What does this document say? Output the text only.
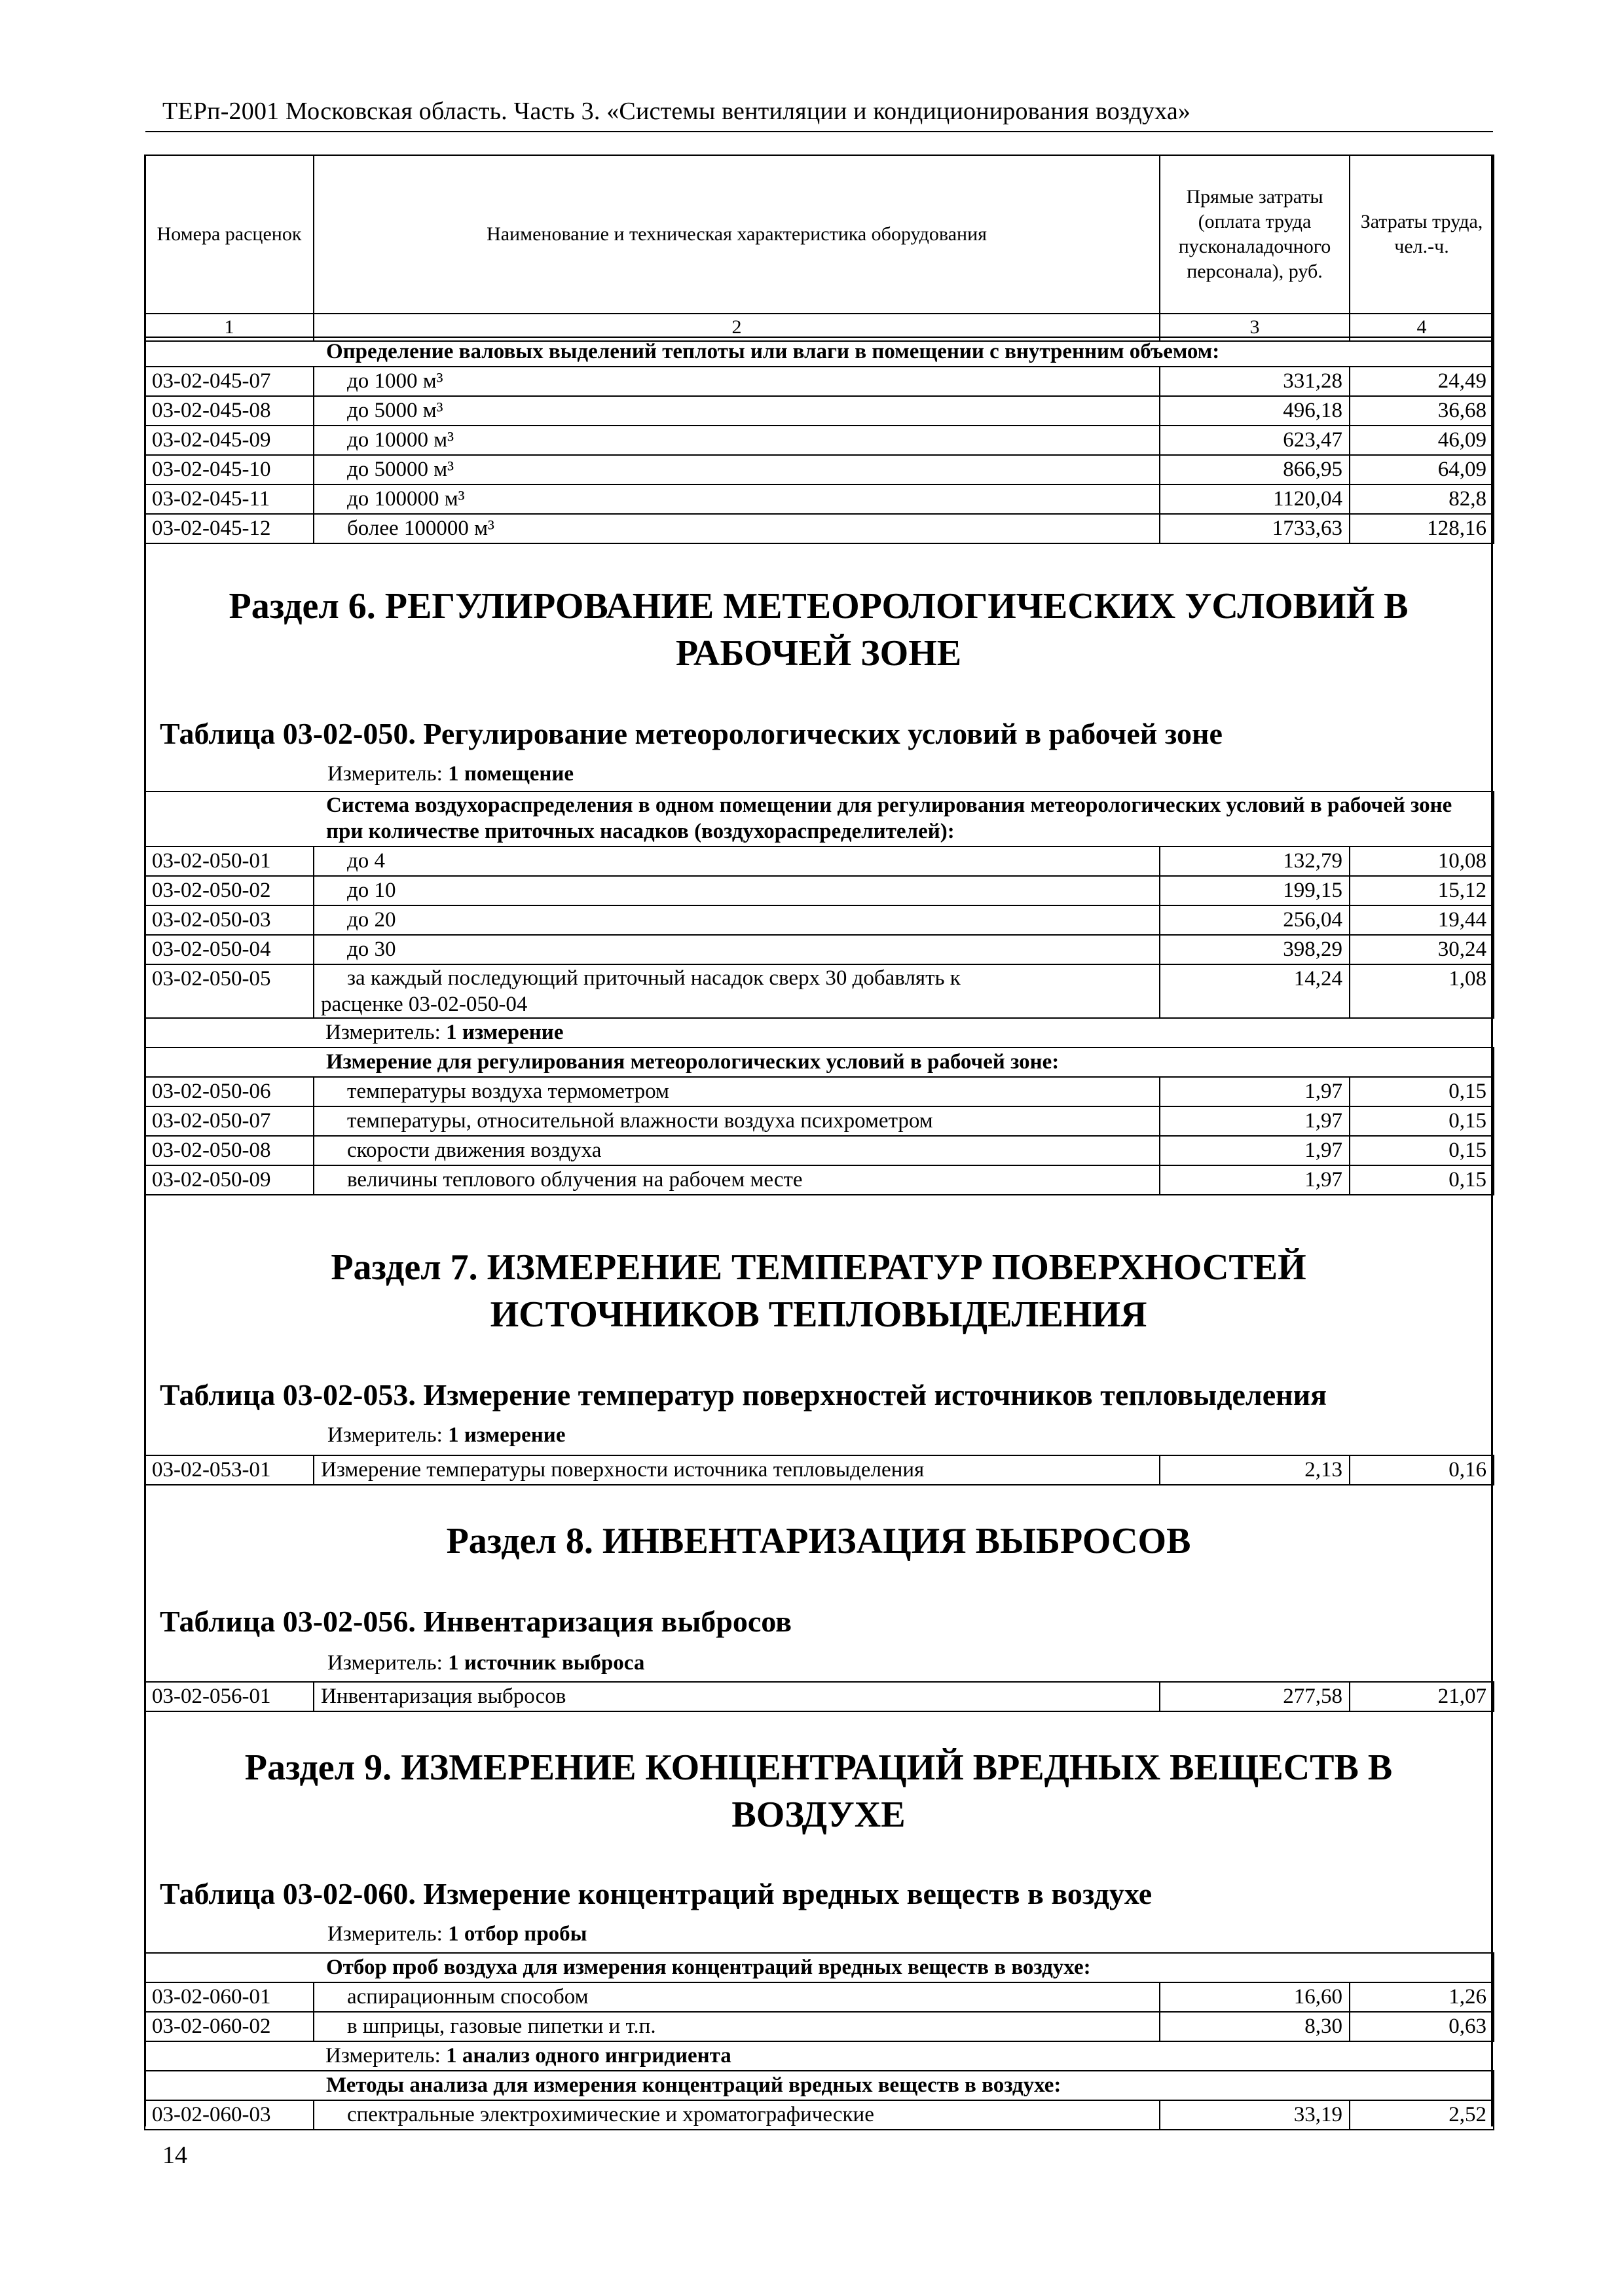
ТЕРп-2001 Московская область. Часть 3. «Системы вентиляции и кондиционирования воздуха»
Номера расценок	Наименование и техническая характеристика оборудования	Прямые затраты (оплата труда пусконаладочного персонала), руб.	Затраты труда, чел.-ч.
1	2	3	4
Определение валовых выделений теплоты или влаги в помещении с внутренним объемом:			
03-02-045-07	до 1000 м³	331,28	24,49
03-02-045-08	до 5000 м³	496,18	36,68
03-02-045-09	до 10000 м³	623,47	46,09
03-02-045-10	до 50000 м³	866,95	64,09
03-02-045-11	до 100000 м³	1120,04	82,8
03-02-045-12	более 100000 м³	1733,63	128,16
Раздел 6. РЕГУЛИРОВАНИЕ МЕТЕОРОЛОГИЧЕСКИХ УСЛОВИЙ В
РАБОЧЕЙ ЗОНЕ
Таблица 03-02-050. Регулирование метеорологических условий в рабочей зоне
Измеритель: 1 помещение
Система воздухораспределения в одном помещении для регулирования метеорологических условий в рабочей зоне при количестве приточных насадков (воздухораспределителей):			
03-02-050-01	до 4	132,79	10,08
03-02-050-02	до 10	199,15	15,12
03-02-050-03	до 20	256,04	19,44
03-02-050-04	до 30	398,29	30,24
03-02-050-05	за каждый последующий приточный насадок сверх 30 добавлять к
расценке 03-02-050-04	14,24	1,08
Измеритель: 1 измерение			
Измерение для регулирования метеорологических условий в рабочей зоне:			
03-02-050-06	температуры воздуха термометром	1,97	0,15
03-02-050-07	температуры, относительной влажности воздуха психрометром	1,97	0,15
03-02-050-08	скорости движения воздуха	1,97	0,15
03-02-050-09	величины теплового облучения на рабочем месте	1,97	0,15
Раздел 7. ИЗМЕРЕНИЕ ТЕМПЕРАТУР ПОВЕРХНОСТЕЙ
ИСТОЧНИКОВ ТЕПЛОВЫДЕЛЕНИЯ
Таблица 03-02-053. Измерение температур поверхностей источников тепловыделения
Измеритель: 1 измерение
03-02-053-01	Измерение температуры поверхности источника тепловыделения	2,13	0,16
Раздел 8. ИНВЕНТАРИЗАЦИЯ ВЫБРОСОВ
Таблица 03-02-056. Инвентаризация выбросов
Измеритель: 1 источник выброса
03-02-056-01	Инвентаризация выбросов	277,58	21,07
Раздел 9. ИЗМЕРЕНИЕ КОНЦЕНТРАЦИЙ ВРЕДНЫХ ВЕЩЕСТВ В
ВОЗДУХЕ
Таблица 03-02-060. Измерение концентраций вредных веществ в воздухе
Измеритель: 1 отбор пробы
Отбор проб воздуха для измерения концентраций вредных веществ в воздухе:			
03-02-060-01	аспирационным способом	16,60	1,26
03-02-060-02	в шприцы, газовые пипетки и т.п.	8,30	0,63
Измеритель: 1 анализ одного ингридиента			
Методы анализа для измерения концентраций вредных веществ в воздухе:			
03-02-060-03	спектральные электрохимические и хроматографические	33,19	2,52
14
